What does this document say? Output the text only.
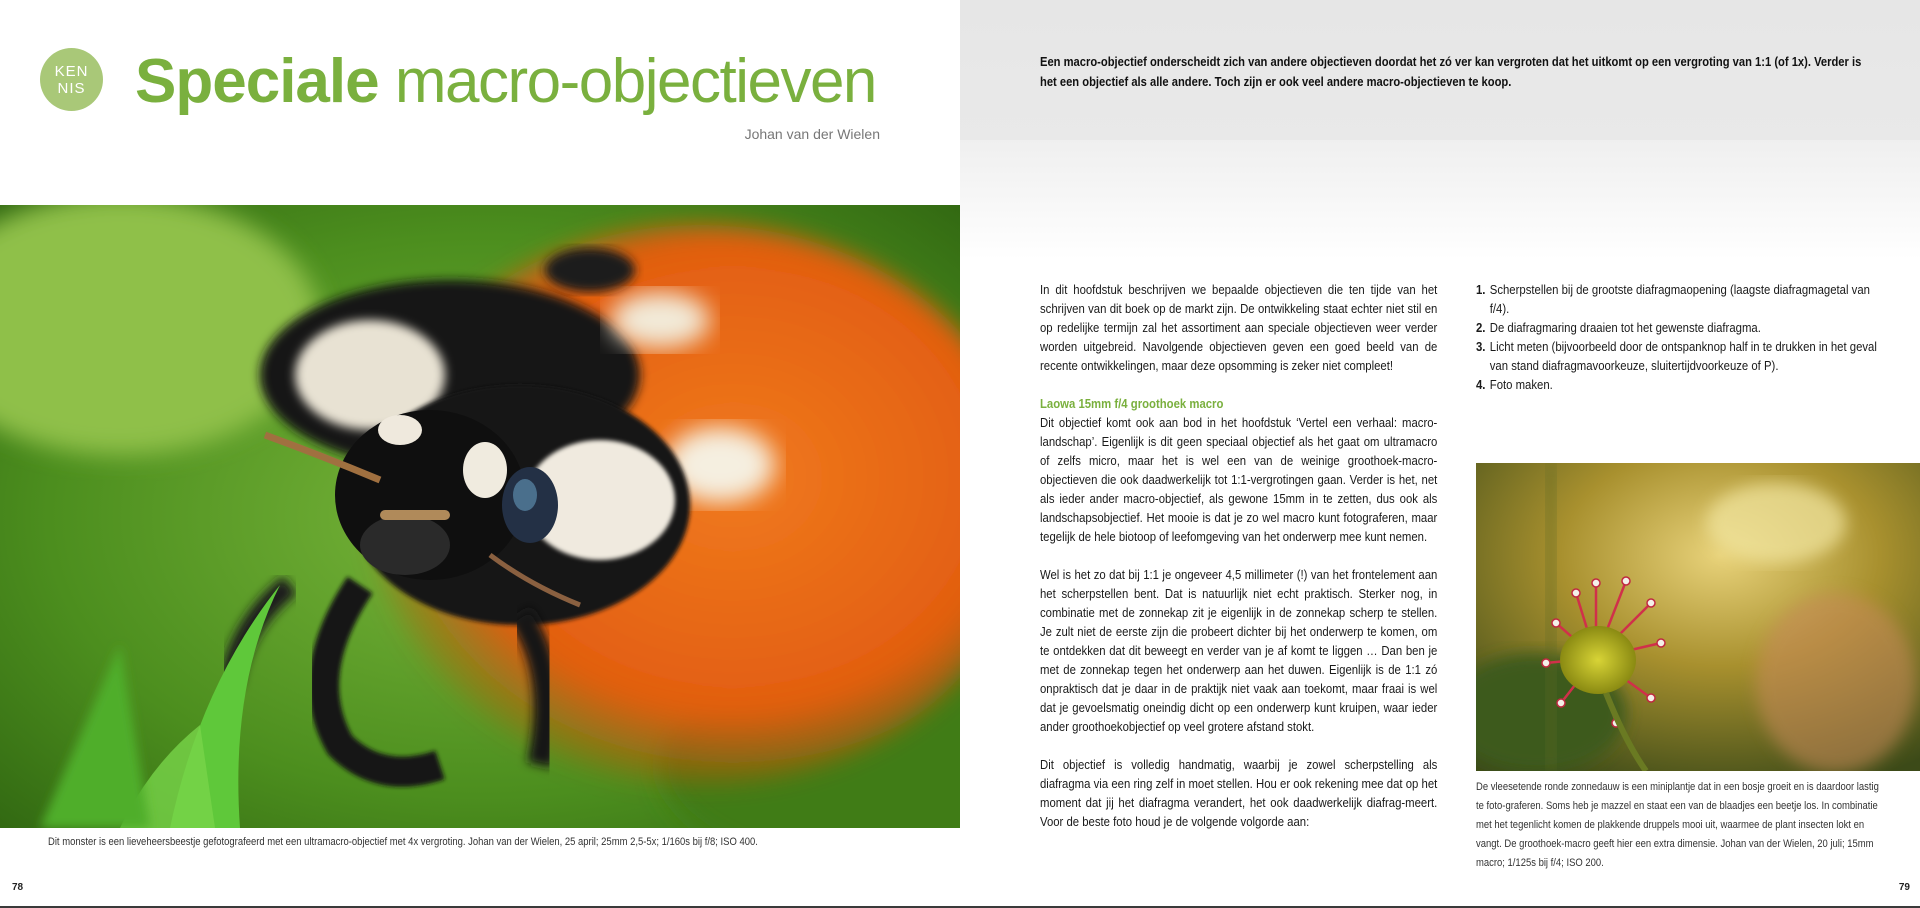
KEN
NIS Speciale macro-objectieven
Johan van der Wielen
Dit monster is een lieveheersbeestje gefotografeerd met een ultramacro-objectief met 4x vergroting. Johan van der Wielen, 25 april; 25mm 2,5-5x; 1/160s bij f/8; ISO 400.
78
Een macro-objectief onderscheidt zich van andere objectieven doordat het zó ver kan vergroten dat het uitkomt op een vergroting van 1:1 (of 1x). Verder is het een objectief als alle andere. Toch zijn er ook veel andere macro-objectieven te koop.

In dit hoofdstuk beschrijven we bepaalde objectieven die ten tijde van het schrijven van dit boek op de markt zijn. De ontwikkeling staat echter niet stil en op redelijke termijn zal het assortiment aan speciale objectieven weer verder worden uitgebreid. Navolgende objectieven geven een goed beeld van de recente ontwikkelingen, maar deze opsomming is zeker niet compleet!

Laowa 15mm f/4 groothoek macro

Dit objectief komt ook aan bod in het hoofdstuk ‘Vertel een verhaal: macro-landschap’. Eigenlijk is dit geen speciaal objectief als het gaat om ultramacro of zelfs micro, maar het is wel een van de weinige groothoek-macro-objectieven die ook daadwerkelijk tot 1:1-vergrotingen gaan. Verder is het, net als ieder ander macro-objectief, als gewone 15mm in te zetten, dus ook als landschapsobjectief. Het mooie is dat je zo wel macro kunt fotograferen, maar tegelijk de hele biotoop of leefomgeving van het onderwerp mee kunt nemen.

Wel is het zo dat bij 1:1 je ongeveer 4,5 millimeter (!) van het frontelement aan het scherpstellen bent. Dat is natuurlijk niet echt praktisch. Sterker nog, in combinatie met de zonnekap zit je eigenlijk in de zonnekap scherp te stellen. Je zult niet de eerste zijn die probeert dichter bij het onderwerp te komen, om te ontdekken dat dit beweegt en verder van je af komt te liggen … Dan ben je met de zonnekap tegen het onderwerp aan het duwen. Eigenlijk is de 1:1 zó onpraktisch dat je daar in de praktijk niet vaak aan toekomt, maar fraai is wel dat je gevoelsmatig oneindig dicht op een onderwerp kunt kruipen, waar ieder ander groothoekobjectief op veel grotere afstand stokt.

Dit objectief is volledig handmatig, waarbij je zowel scherpstelling als diafragma via een ring zelf in moet stellen. Hou er ook rekening mee dat op het moment dat jij het diafragma verandert, het ook daadwerkelijk diafrag-meert. Voor de beste foto houd je de volgende volgorde aan:

1. Scherpstellen bij de grootste diafragmaopening (laagste diafragmagetal van f/4).
2. De diafragmaring draaien tot het gewenste diafragma.
3. Licht meten (bijvoorbeeld door de ontspanknop half in te drukken in het geval van stand diafragmavoorkeuze, sluitertijdvoorkeuze of P).
4. Foto maken.
De vleesetende ronde zonnedauw is een miniplantje dat in een bosje groeit en is daardoor lastig te foto-graferen. Soms heb je mazzel en staat een van de blaadjes een beetje los. In combinatie met het tegenlicht komen de plakkende druppels mooi uit, waarmee de plant insecten lokt en vangt. De groothoek-macro geeft hier een extra dimensie. Johan van der Wielen, 20 juli; 15mm macro; 1/125s bij f/4; ISO 200.
79
